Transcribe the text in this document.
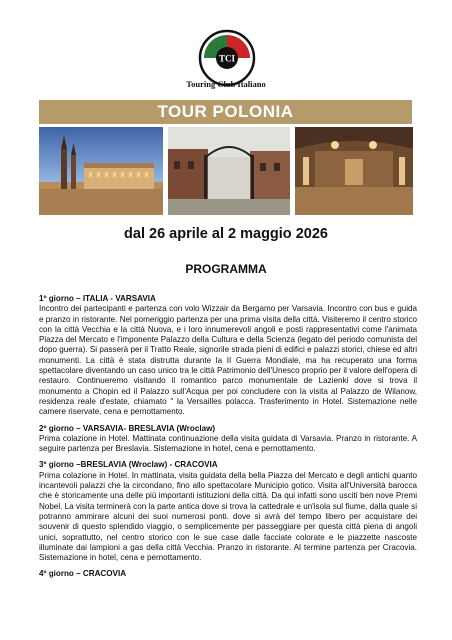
TCI
Touring Club Italiano
TOUR POLONIA
dal 26 aprile al 2 maggio 2026
PROGRAMMA
1º giorno – ITALIA - VARSAVIA
Incontro dei partecipanti e partenza con volo Wizzair da Bergamo per Varsavia. Incontro con bus e guida e pranzo in ristorante. Nel pomeriggio partenza per una prima visita della città. Visiteremo il centro storico con la città Vecchia e la città Nuova, e i loro innumerevoli angoli e posti rappresentativi come l'animata Piazza del Mercato e l'imponente Palazzo della Cultura e della Scienza (legato del periodo comunista del dopo guerra). Si passerà per il Tratto Reale, signorile strada pieni di edifici e palazzi storici, chiese ed altri monumenti. La città è stata distrutta durante la II Guerra Mondiale, ma ha recuperato una forma spettacolare diventando un caso unico tra le città Patrimonio dell'Unesco proprio per il valore dell'opera di restauro. Continueremo visitando il romantico parco monumentale de Lazienki dove si trova il monumento a Chopin ed il Palazzo sull'Acqua per poi concludere con la visita al Palazzo de Wilanow, residenza reale d'estate, chiamato " la Versailles polacca. Trasferimento in Hotel. Sistemazione nelle camere riservate, cena e pernottamento.
2º giorno – VARSAVIA- BRESLAVIA (Wroclaw)
Prima colazione in Hotel. Mattinata continuazione della visita guidata di Varsavia. Pranzo in ristorante. A seguire partenza per Breslavia. Sistemazione in hotel, cena e pernottamento.
3º giorno –BRESLAVIA (Wroclaw) - CRACOVIA
Prima colazione in Hotel. In mattinata, visita guidata della bella Piazza del Mercato e degli antichi quanto incantevoli palazzi che la circondano, fino allo spettacolare Municipio gotico. Visita all'Università barocca che è storicamente una delle più importanti istituzioni della città. Da qui infatti sono usciti ben nove Premi Nobel. La visita terminerà con la parte antica dove si trova la cattedrale e un'isola sul fiume, dalla quale si potranno ammirare alcuni dei suoi numerosi ponti. dove si avrà del tempo libero per acquistare dei souvenir di questo splendido viaggio, o semplicemente per passeggiare per questa città piena di angoli unici, soprattutto, nel centro storico con le sue case dalle facciate colorate e le piazzette nascoste illuminate dai lampioni a gas della città Vecchia. Pranzo in ristorante. Al termine partenza per Cracovia. Sistemazione in hotel, cena e pernottamento.
4º giorno – CRACOVIA
